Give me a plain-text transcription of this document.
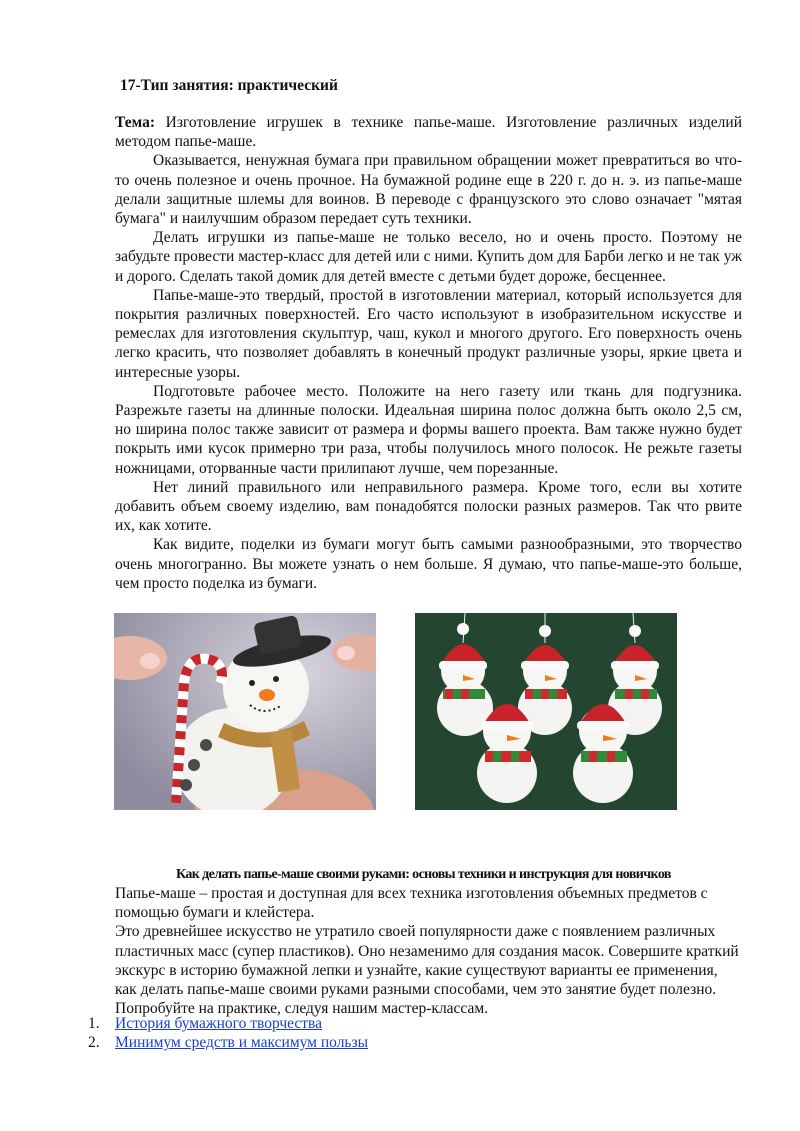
17-Тип занятия: практический

Тема: Изготовление игрушек в технике папье-маше. Изготовление различных изделий методом папье-маше.

Оказывается, ненужная бумага при правильном обращении может превратиться во что-то очень полезное и очень прочное. На бумажной родине еще в 220 г. до н. э. из папье-маше делали защитные шлемы для воинов. В переводе с французского это слово означает "мятая бумага" и наилучшим образом передает суть техники.

Делать игрушки из папье-маше не только весело, но и очень просто. Поэтому не забудьте провести мастер-класс для детей или с ними. Купить дом для Барби легко и не так уж и дорого. Сделать такой домик для детей вместе с детьми будет дороже, бесценнее.

Папье-маше-это твердый, простой в изготовлении материал, который используется для покрытия различных поверхностей. Его часто используют в изобразительном искусстве и ремеслах для изготовления скульптур, чаш, кукол и многого другого. Его поверхность очень легко красить, что позволяет добавлять в конечный продукт различные узоры, яркие цвета и интересные узоры.

Подготовьте рабочее место. Положите на него газету или ткань для подгузника. Разрежьте газеты на длинные полоски. Идеальная ширина полос должна быть около 2,5 см, но ширина полос также зависит от размера и формы вашего проекта. Вам также нужно будет покрыть ими кусок примерно три раза, чтобы получилось много полосок. Не режьте газеты ножницами, оторванные части прилипают лучше, чем порезанные.

Нет линий правильного или неправильного размера. Кроме того, если вы хотите добавить объем своему изделию, вам понадобятся полоски разных размеров. Так что рвите их, как хотите.

Как видите, поделки из бумаги могут быть самыми разнообразными, это творчество очень многогранно. Вы можете узнать о нем больше. Я думаю, что папье-маше-это больше, чем просто поделка из бумаги.

Как делать папье-маше своими руками: основы техники и инструкция для новичков

Папье-маше – простая и доступная для всех техника изготовления объемных предметов с помощью бумаги и клейстера.

Это древнейшее искусство не утратило своей популярности даже с появлением различных пластичных масс (супер пластиков). Оно незаменимо для создания масок. Совершите краткий экскурс в историю бумажной лепки и узнайте, какие существуют варианты ее применения, как делать папье-маше своими руками разными способами, чем это занятие будет полезно. Попробуйте на практике, следуя нашим мастер-классам.

1. История бумажного творчества
2. Минимум средств и максимум пользы
